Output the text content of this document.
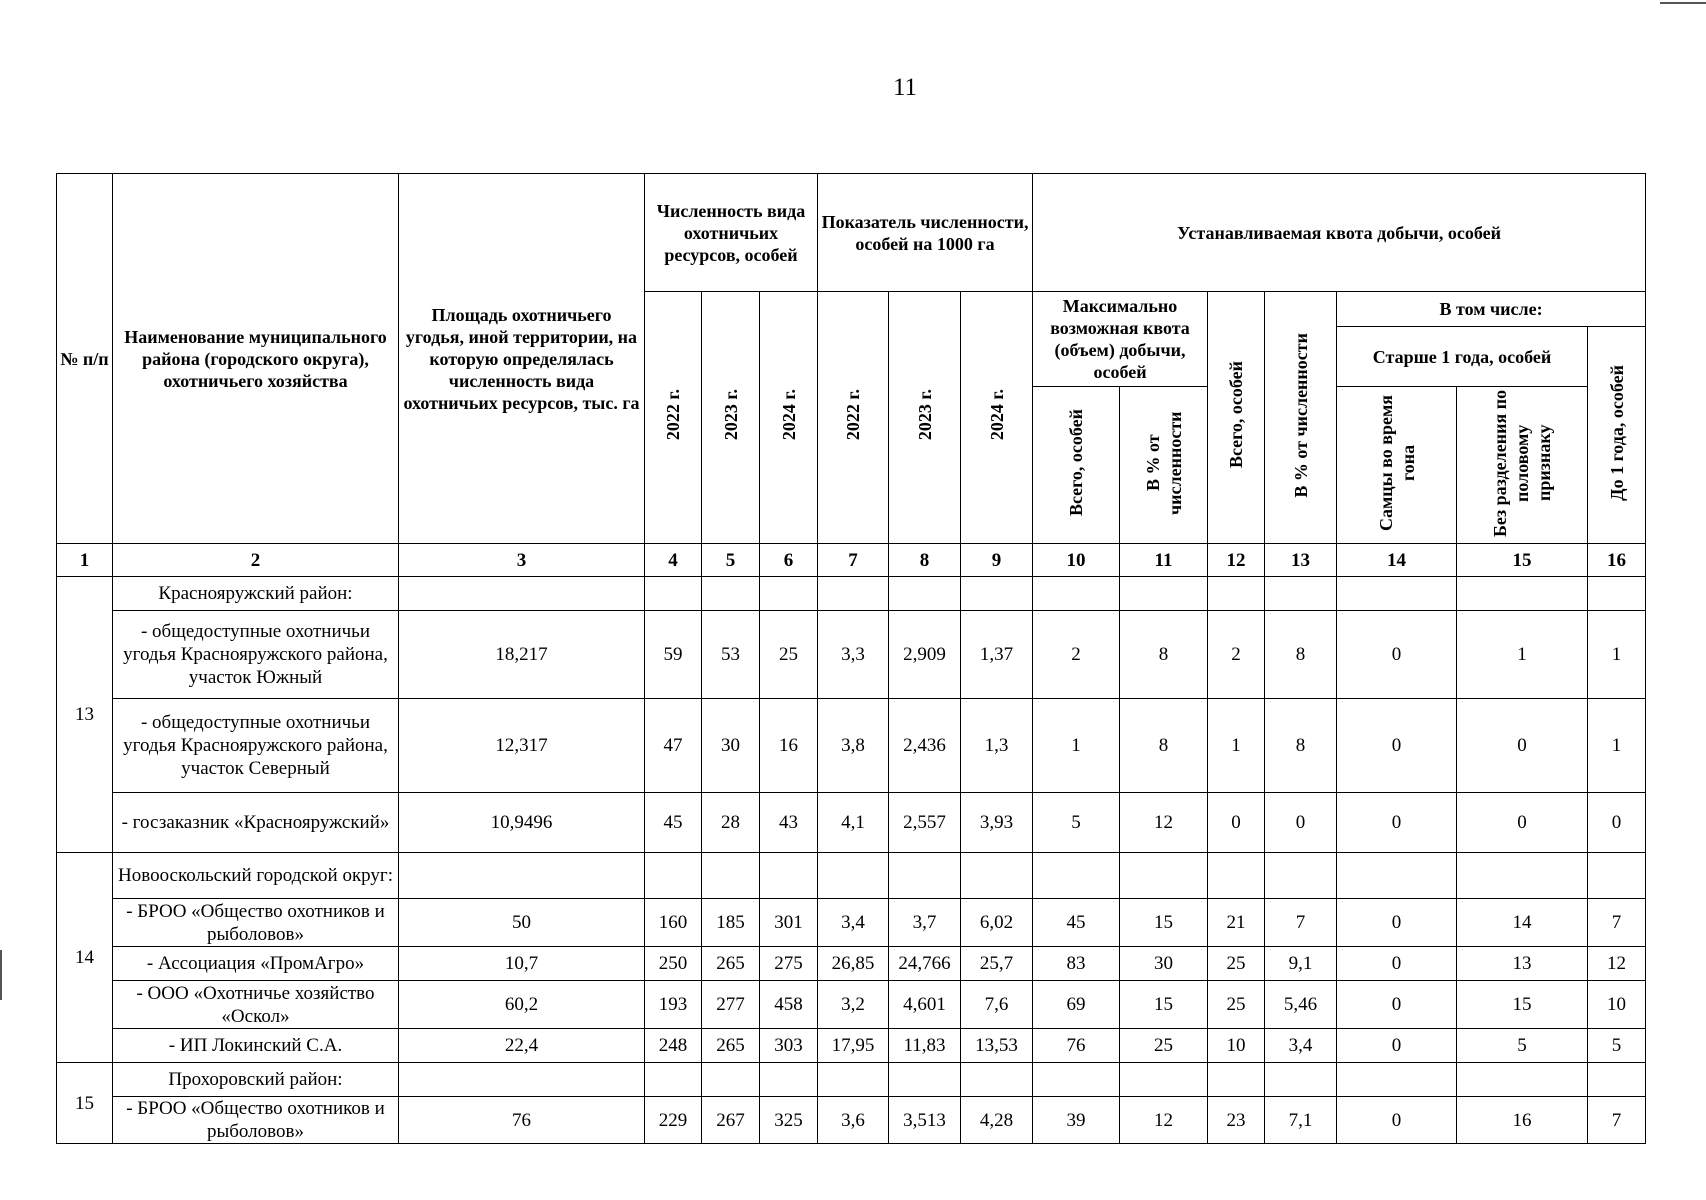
11
№ п/п	Наименование муниципального района (городского округа), охотничьего хозяйства	Площадь охотничьего угодья, иной территории, на которую определялась численность вида охотничьих ресурсов, тыс. га	Численность вида охотничьих ресурсов, особей			Показатель численности, особей на 1000 га			Устанавливаемая квота добычи, особей						
			2022 г.	2023 г.	2024 г.	2022 г.	2023 г.	2024 г.	Максимально возможная квота (объем) добычи, особей		Всего, особей	В % от численности	В том числе:		
													Старше 1 года, особей		До 1 года, особей
									Всего, особей	В % от численности			Самцы во время гона	Без разделения по половому признаку	
1	2	3	4	5	6	7	8	9	10	11	12	13	14	15	16
13	Краснояружский район:														
	- общедоступные охотничьи угодья Краснояружского района, участок Южный	18,217	59	53	25	3,3	2,909	1,37	2	8	2	8	0	1	1
	- общедоступные охотничьи угодья Краснояружского района, участок Северный	12,317	47	30	16	3,8	2,436	1,3	1	8	1	8	0	0	1
	- госзаказник «Краснояружский»	10,9496	45	28	43	4,1	2,557	3,93	5	12	0	0	0	0	0
14	Новооскольский городской округ:														
	- БРОО «Общество охотников и рыболовов»	50	160	185	301	3,4	3,7	6,02	45	15	21	7	0	14	7
	- Ассоциация «ПромАгро»	10,7	250	265	275	26,85	24,766	25,7	83	30	25	9,1	0	13	12
	- ООО «Охотничье хозяйство «Оскол»	60,2	193	277	458	3,2	4,601	7,6	69	15	25	5,46	0	15	10
	- ИП Локинский С.А.	22,4	248	265	303	17,95	11,83	13,53	76	25	10	3,4	0	5	5
15	Прохоровский район:														
	- БРОО «Общество охотников и рыболовов»	76	229	267	325	3,6	3,513	4,28	39	12	23	7,1	0	16	7
